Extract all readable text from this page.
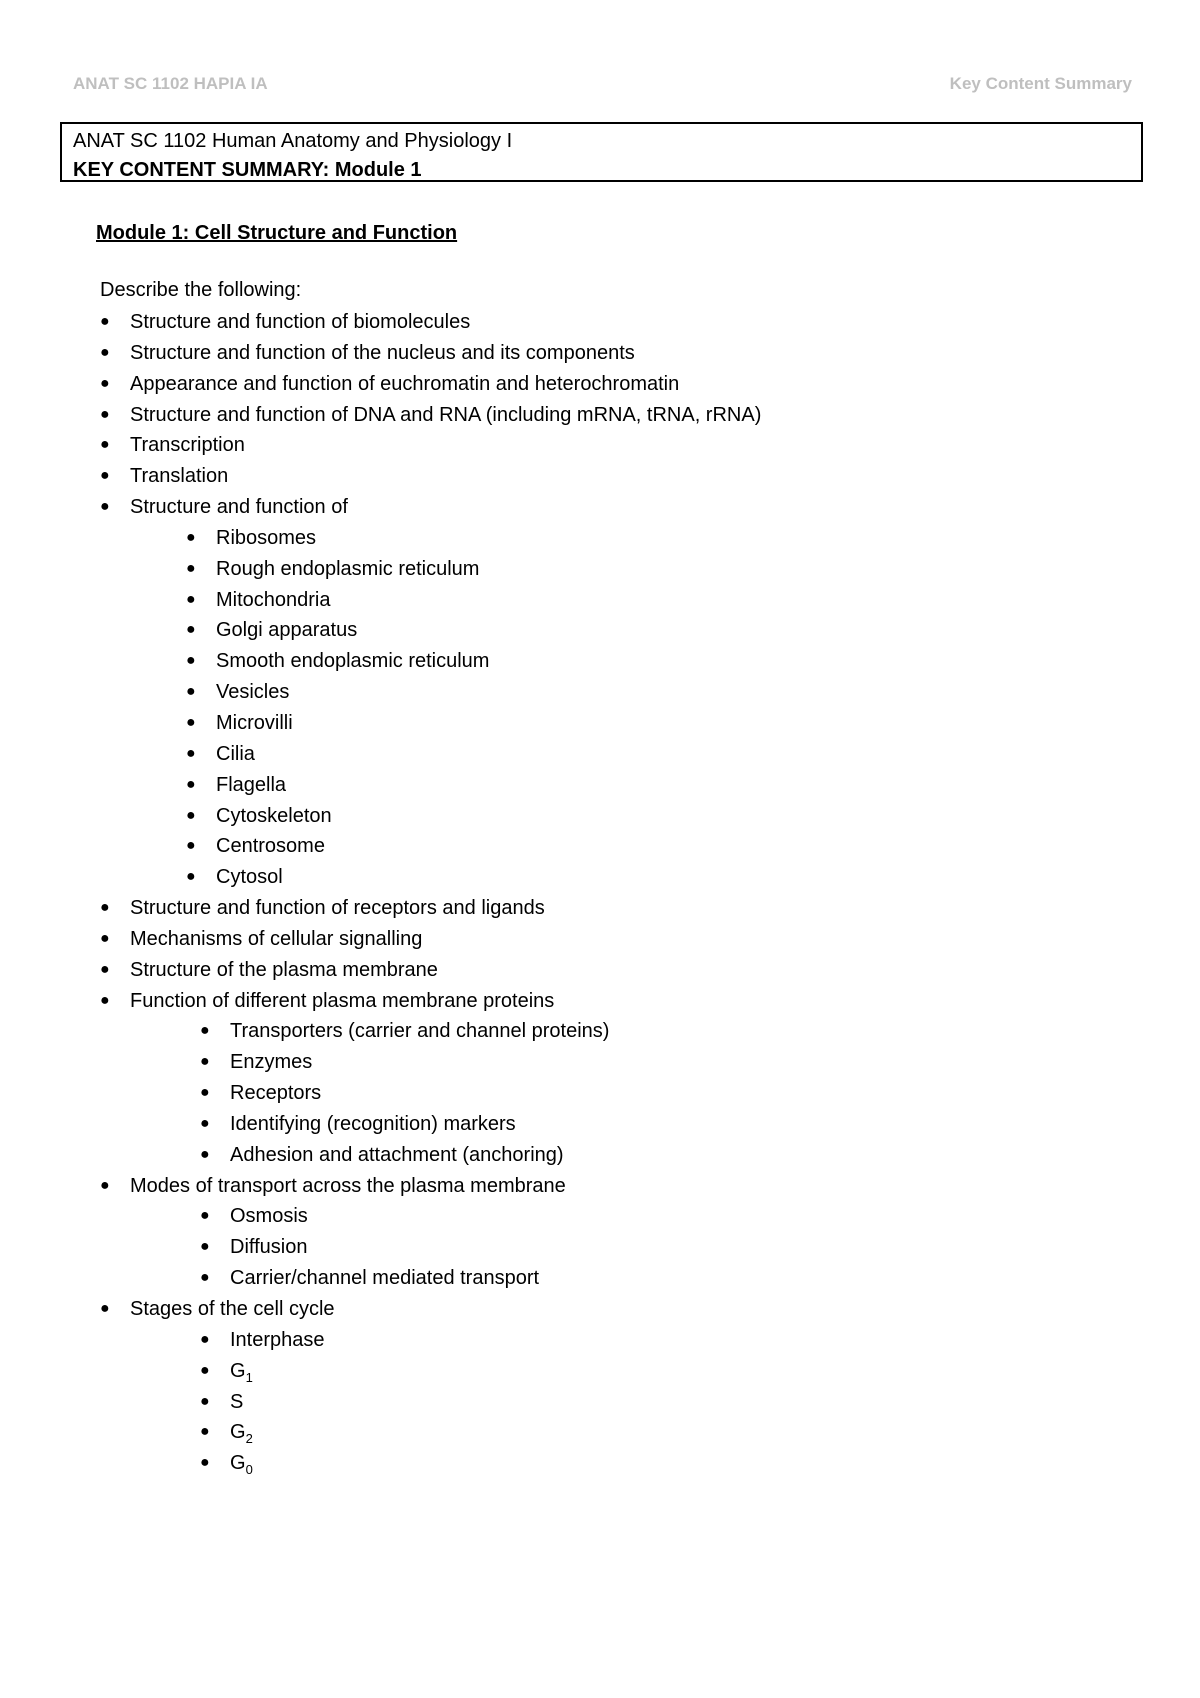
ANAT SC 1102 HAPIA IA	Key Content Summary
ANAT SC 1102 Human Anatomy and Physiology I
KEY CONTENT SUMMARY: Module 1
Module 1: Cell Structure and Function
Describe the following:
● Structure and function of biomolecules
● Structure and function of the nucleus and its components
● Appearance and function of euchromatin and heterochromatin
● Structure and function of DNA and RNA (including mRNA, tRNA, rRNA)
● Transcription
● Translation
● Structure and function of
● Ribosomes
● Rough endoplasmic reticulum
● Mitochondria
● Golgi apparatus
● Smooth endoplasmic reticulum
● Vesicles
● Microvilli
● Cilia
● Flagella
● Cytoskeleton
● Centrosome
● Cytosol
● Structure and function of receptors and ligands
● Mechanisms of cellular signalling
● Structure of the plasma membrane
● Function of different plasma membrane proteins
● Transporters (carrier and channel proteins)
● Enzymes
● Receptors
● Identifying (recognition) markers
● Adhesion and attachment (anchoring)
● Modes of transport across the plasma membrane
● Osmosis
● Diffusion
● Carrier/channel mediated transport
● Stages of the cell cycle
● Interphase
● $G_1$
● S
● $G_2$
● $G_0$
